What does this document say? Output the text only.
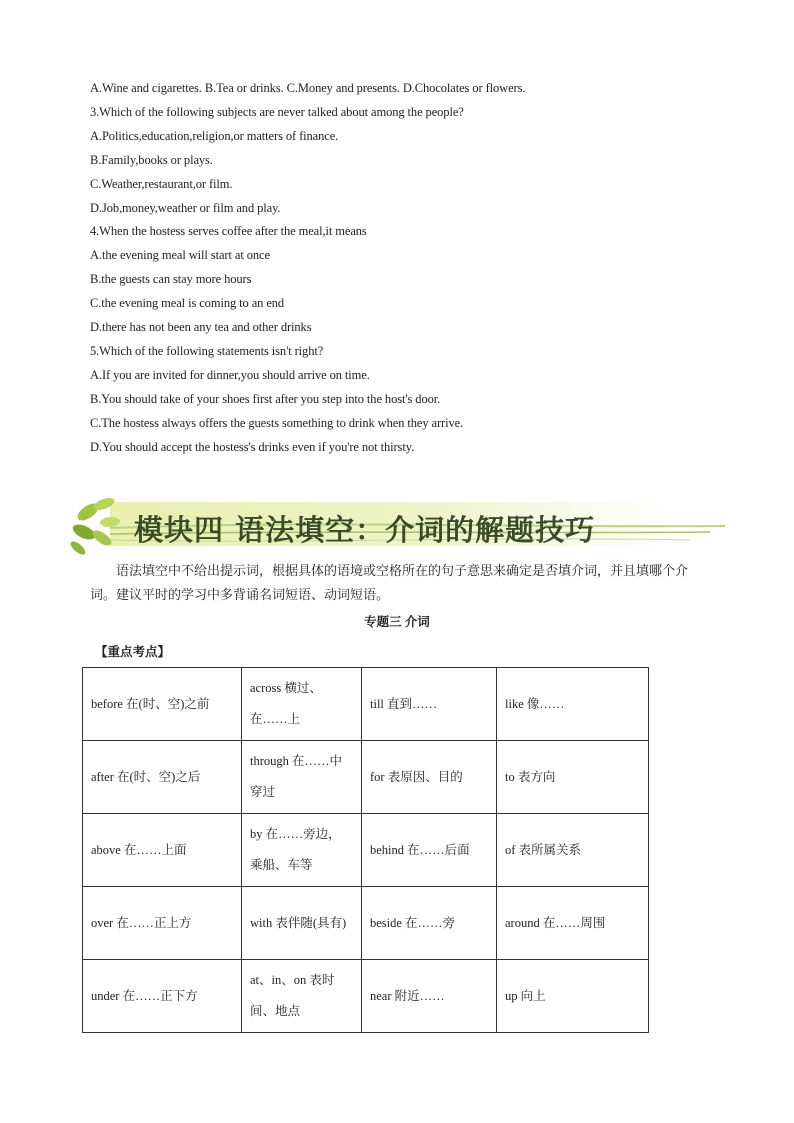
A.Wine and cigarettes. B.Tea or drinks. C.Money and presents. D.Chocolates or flowers.
3.Which of the following subjects are never talked about among the people?
A.Politics,education,religion,or matters of finance.
B.Family,books or plays.
C.Weather,restaurant,or film.
D.Job,money,weather or film and play.
4.When the hostess serves coffee after the meal,it means
A.the evening meal will start at once
B.the guests can stay more hours
C.the evening meal is coming to an end
D.there has not been any tea and other drinks
5.Which of the following statements isn't right?
A.If you are invited for dinner,you should arrive on time.
B.You should take of your shoes first after you step into the host's door.
C.The hostess always offers the guests something to drink when they arrive.
D.You should accept the hostess's drinks even if you're not thirsty.
模块四 语法填空：介词的解题技巧
语法填空中不给出提示词，根据具体的语境或空格所在的句子意思来确定是否填介词，并且填哪个介词。建议平时的学习中多背诵名词短语、动词短语。
专题三 介词
【重点考点】
before 在(时、空)之前	across 横过、在……上	till 直到……	like 像……
after 在(时、空)之后	through 在……中穿过	for 表原因、目的	to 表方向
above 在……上面	by 在……旁边，乘船、车等	behind 在……后面	of 表所属关系
over 在……正上方	with 表伴随(具有)	beside 在……旁	around 在……周围
under 在……正下方	at、in、on 表时间、地点	near 附近……	up 向上
